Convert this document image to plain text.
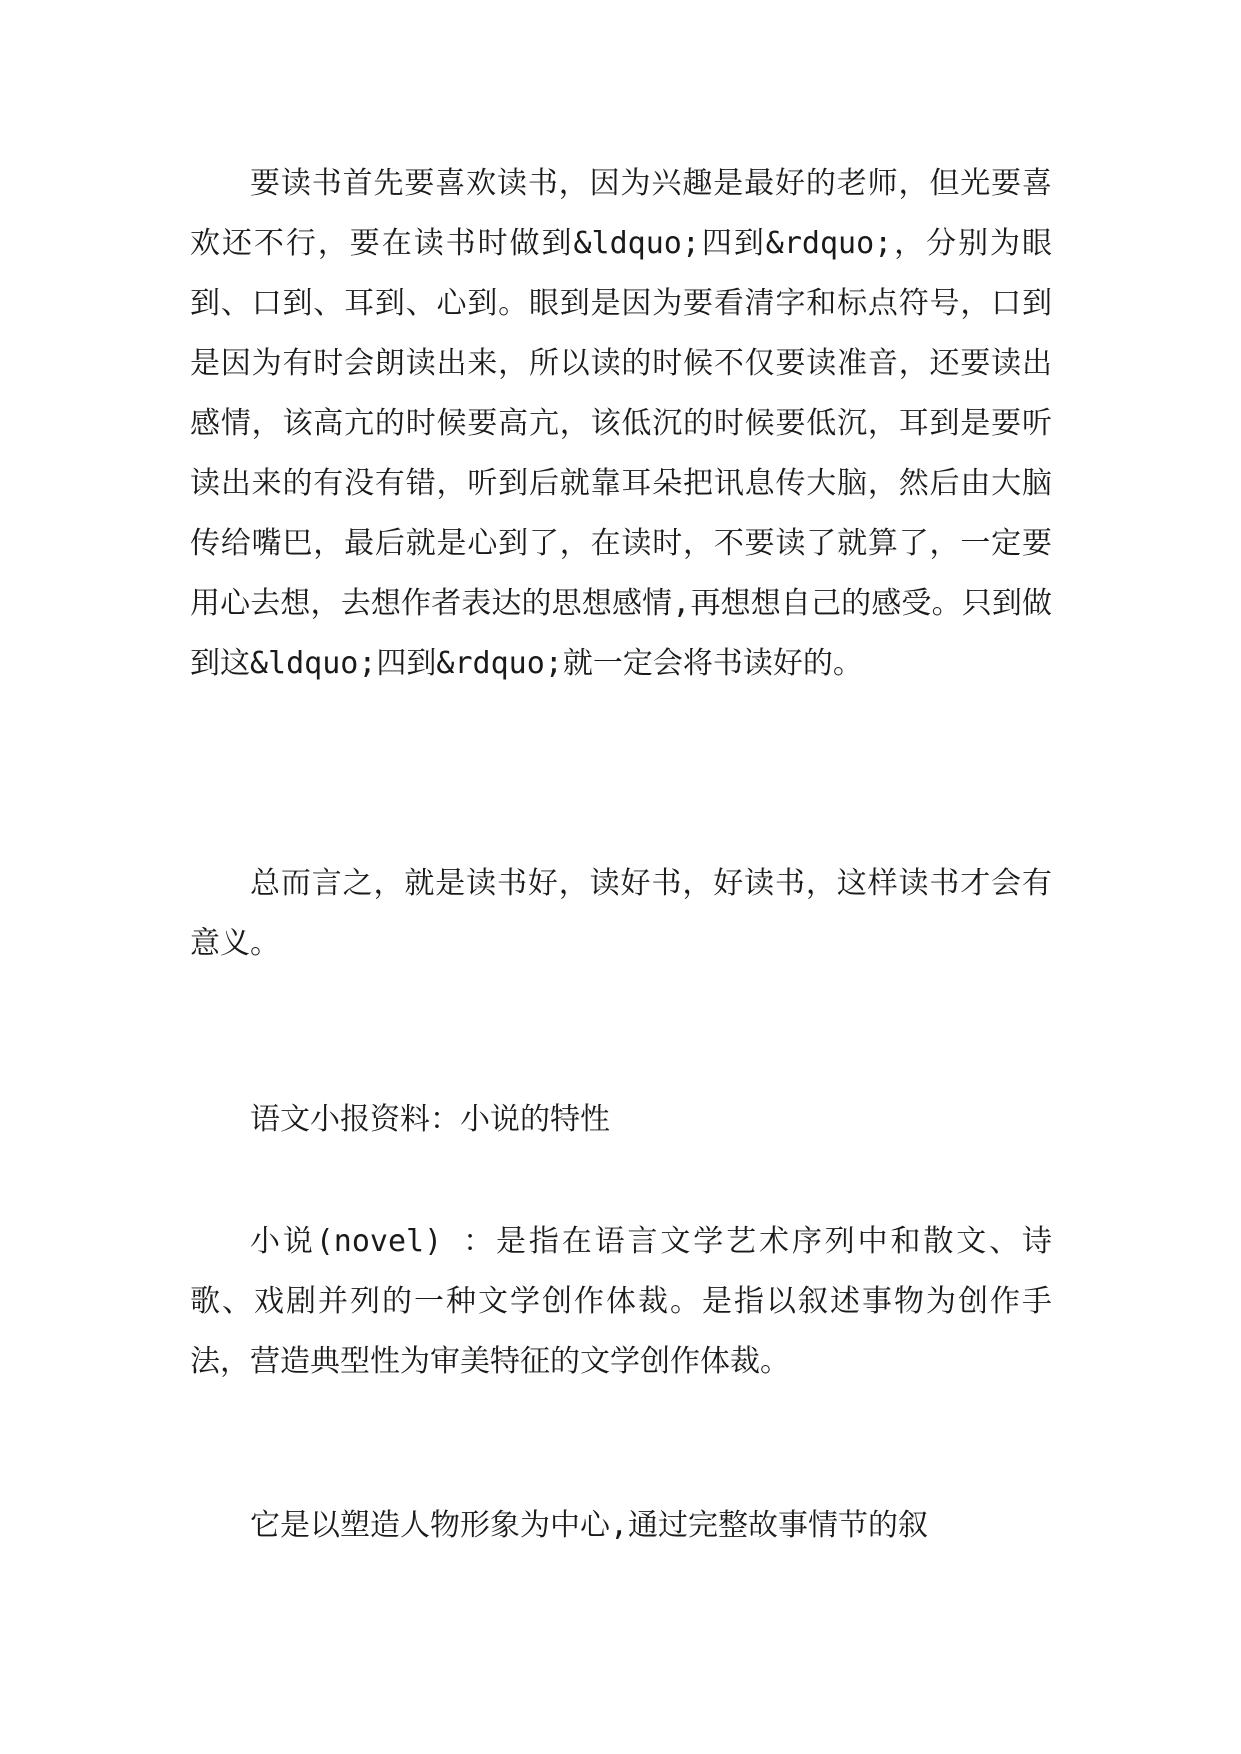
要读书首先要喜欢读书，因为兴趣是最好的老师，但光要喜欢还不行，要在读书时做到&ldquo;四到&rdquo;，分别为眼到、口到、耳到、心到。眼到是因为要看清字和标点符号，口到是因为有时会朗读出来，所以读的时候不仅要读准音，还要读出感情，该高亢的时候要高亢，该低沉的时候要低沉，耳到是要听读出来的有没有错，听到后就靠耳朵把讯息传大脑，然后由大脑传给嘴巴，最后就是心到了，在读时，不要读了就算了，一定要用心去想，去想作者表达的思想感情,再想想自己的感受。只到做到这&ldquo;四到&rdquo;就一定会将书读好的。

总而言之，就是读书好，读好书，好读书，这样读书才会有意义。

语文小报资料：小说的特性

小说(novel) ：是指在语言文学艺术序列中和散文、诗歌、戏剧并列的一种文学创作体裁。是指以叙述事物为创作手法，营造典型性为审美特征的文学创作体裁。

它是以塑造人物形象为中心,通过完整故事情节的叙
